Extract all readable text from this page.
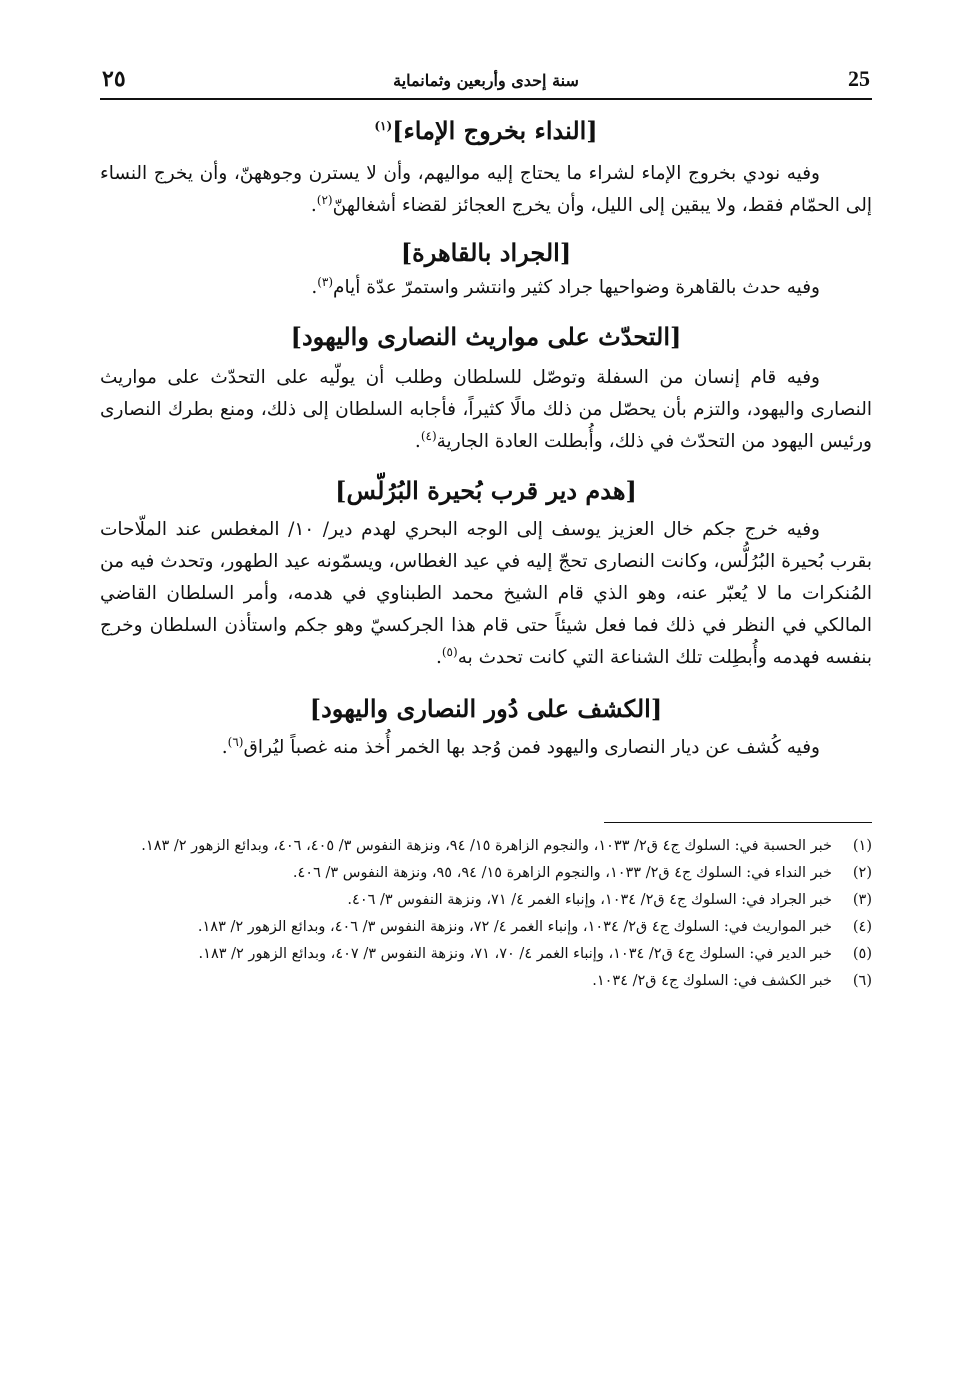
25
سنة إحدى وأربعين وثمانماية
٢٥
[النداء بخروج الإماء]$^{(١)}$

وفيه نودي بخروج الإماء لشراء ما يحتاج إليه مواليهم، وأن لا يسترن وجوههنّ، وأن يخرج النساء إلى الحمّام فقط، ولا يبقين إلى الليل، وأن يخرج العجائز لقضاء أشغالهنّ$^{(٢)}$.

[الجراد بالقاهرة]

وفيه حدث بالقاهرة وضواحيها جراد كثير وانتشر واستمرّ عدّة أيام$^{(٣)}$.

[التحدّث على مواريث النصارى واليهود]

وفيه قام إنسان من السفلة وتوصّل للسلطان وطلب أن يولّيه على التحدّث على مواريث النصارى واليهود، والتزم بأن يحصّل من ذلك مالًا كثيراً، فأجابه السلطان إلى ذلك، ومنع بطرك النصارى ورئيس اليهود من التحدّث في ذلك، وأُبطلت العادة الجارية$^{(٤)}$.

[هدم دير قرب بُحيرة البُرُلّس]

وفيه خرج جكم خال العزيز يوسف إلى الوجه البحري لهدم دير/ ١٠/ المغطس عند الملّاحات بقرب بُحيرة البُرُلُّس، وكانت النصارى تحجّ إليه في عيد الغطاس، ويسمّونه عيد الطهور، وتحدث فيه من المُنكرات ما لا يُعبّر عنه، وهو الذي قام الشيخ محمد الطبناوي في هدمه، وأمر السلطان القاضي المالكي في النظر في ذلك فما فعل شيئاً حتى قام هذا الجركسيّ وهو جكم واستأذن السلطان وخرج بنفسه فهدمه وأُبطِلت تلك الشناعة التي كانت تحدث به$^{(٥)}$.

[الكشف على دُور النصارى واليهود]

وفيه كُشف عن ديار النصارى واليهود فمن وُجد بها الخمر أُخذ منه غصباً ليُراق$^{(٦)}$.

(١)
خبر الحسبة في: السلوك ج٤ ق٢/ ١٠٣٣، والنجوم الزاهرة ١٥/ ٩٤، ونزهة النفوس ٣/ ٤٠٥، ٤٠٦، وبدائع الزهور ٢/ ١٨٣.
(٢)
خبر النداء في: السلوك ج٤ ق٢/ ١٠٣٣، والنجوم الزاهرة ١٥/ ٩٤، ٩٥، ونزهة النفوس ٣/ ٤٠٦.
(٣)
خبر الجراد في: السلوك ج٤ ق٢/ ١٠٣٤، وإنباء الغمر ٤/ ٧١، ونزهة النفوس ٣/ ٤٠٦.
(٤)
خبر المواريث في: السلوك ج٤ ق٢/ ١٠٣٤، وإنباء الغمر ٤/ ٧٢، ونزهة النفوس ٣/ ٤٠٦، وبدائع الزهور ٢/ ١٨٣.
(٥)
خبر الدير في: السلوك ج٤ ق٢/ ١٠٣٤، وإنباء الغمر ٤/ ٧٠، ٧١، ونزهة النفوس ٣/ ٤٠٧، وبدائع الزهور ٢/ ١٨٣.
(٦)
خبر الكشف في: السلوك ج٤ ق٢/ ١٠٣٤.
